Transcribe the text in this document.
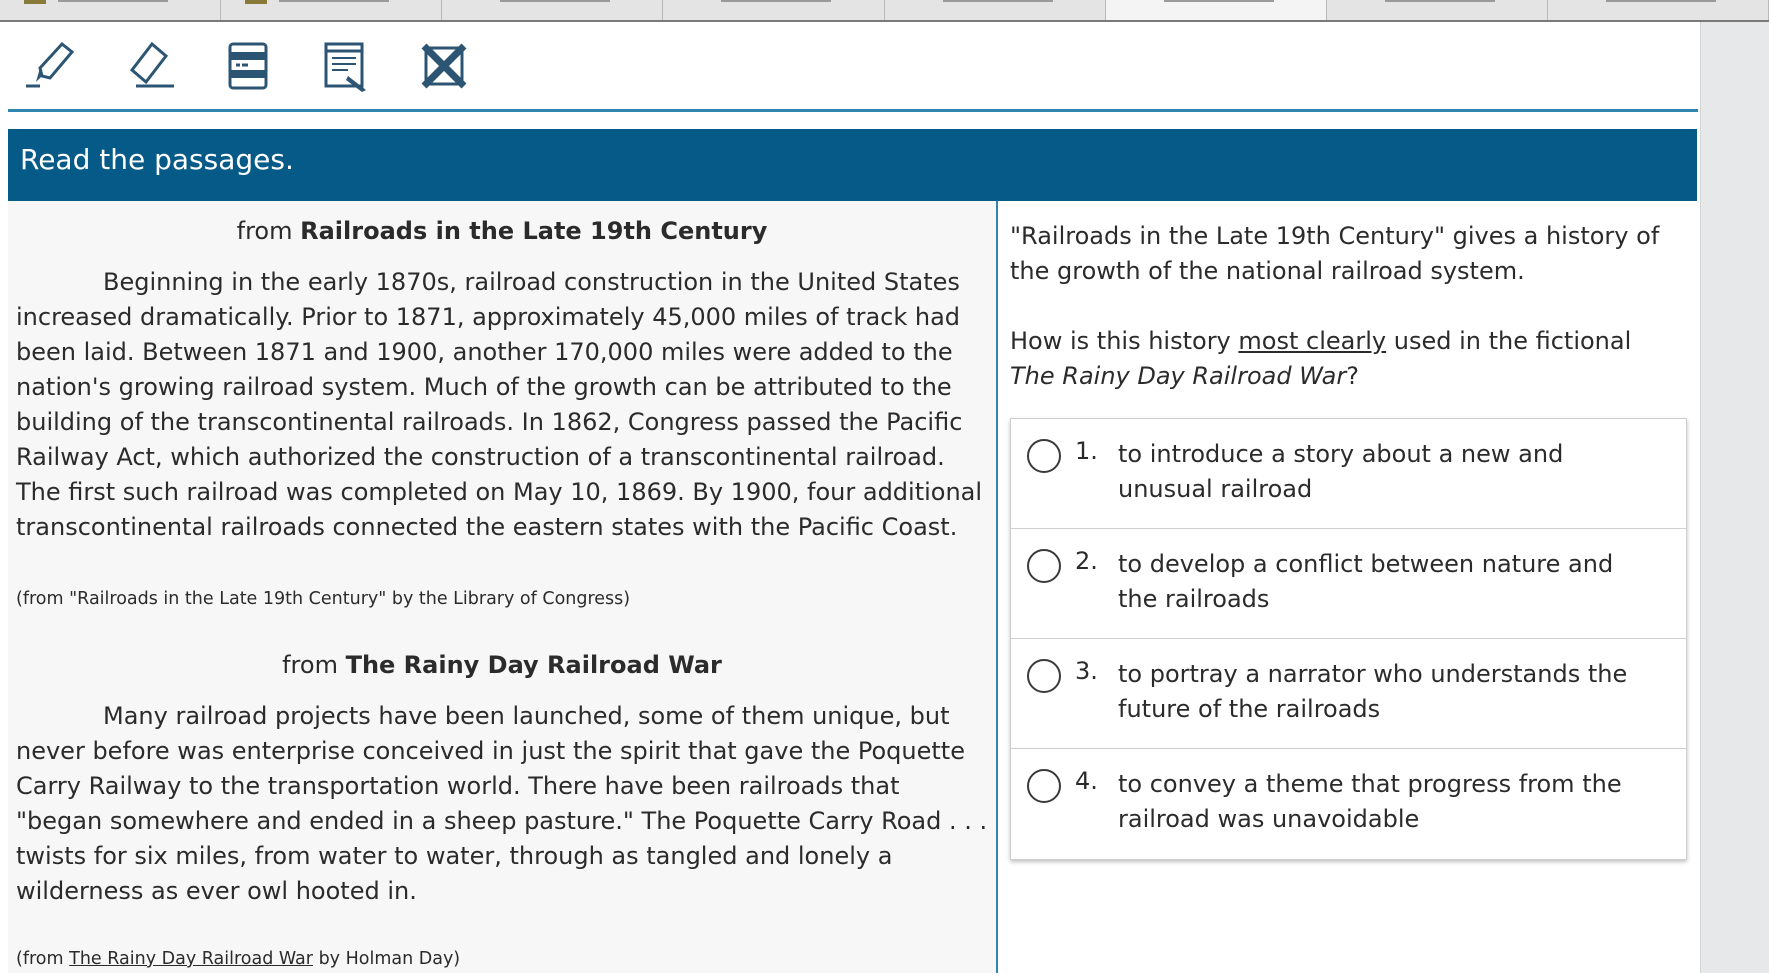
Read the passages.
from Railroads in the Late 19th Century

Beginning in the early 1870s, railroad construction in the United States increased dramatically. Prior to 1871, approximately 45,000 miles of track had been laid. Between 1871 and 1900, another 170,000 miles were added to the nation's growing railroad system. Much of the growth can be attributed to the building of the transcontinental railroads. In 1862, Congress passed the Pacific Railway Act, which authorized the construction of a transcontinental railroad. The first such railroad was completed on May 10, 1869. By 1900, four additional transcontinental railroads connected the eastern states with the Pacific Coast.

(from "Railroads in the Late 19th Century" by the Library of Congress)

from The Rainy Day Railroad War

Many railroad projects have been launched, some of them unique, but never before was enterprise conceived in just the spirit that gave the Poquette Carry Railway to the transportation world. There have been railroads that "began somewhere and ended in a sheep pasture." The Poquette Carry Road . . . twists for six miles, from water to water, through as tangled and lonely a wilderness as ever owl hooted in.

(from The Rainy Day Railroad War by Holman Day)

"Railroads in the Late 19th Century" gives a history of the growth of the national railroad system.

How is this history most clearly used in the fictional The Rainy Day Railroad War?

1. to introduce a story about a new and unusual railroad
2. to develop a conflict between nature and the railroads
3. to portray a narrator who understands the future of the railroads
4. to convey a theme that progress from the railroad was unavoidable
